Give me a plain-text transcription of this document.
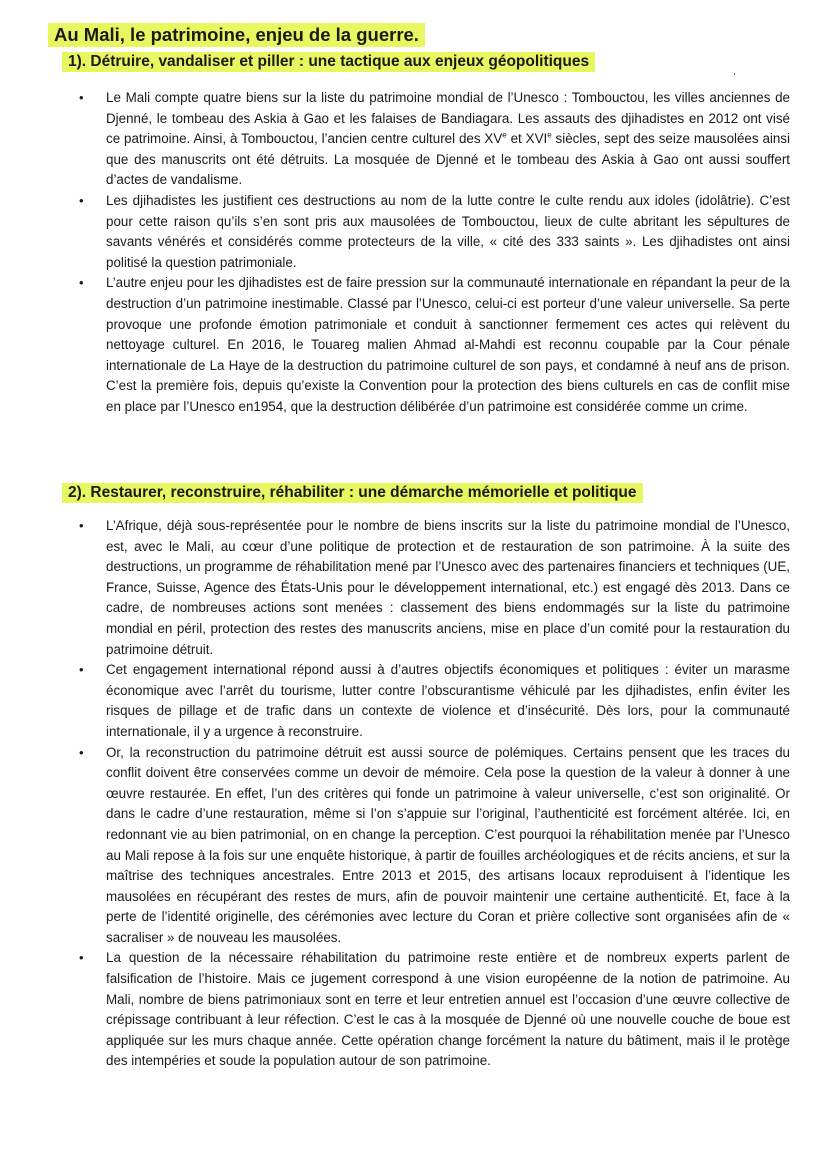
Au Mali, le patrimoine, enjeu de la guerre.
,
1). Détruire, vandaliser et piller : une tactique aux enjeux géopolitiques
• Le Mali compte quatre biens sur la liste du patrimoine mondial de l’Unesco : Tombouctou, les villes anciennes de Djenné, le tombeau des Askia à Gao et les falaises de Bandiagara. Les assauts des djihadistes en 2012 ont visé ce patrimoine. Ainsi, à Tombouctou, l’ancien centre culturel des XVe et XVIe siècles, sept des seize mausolées ainsi que des manuscrits ont été détruits. La mosquée de Djenné et le tombeau des Askia à Gao ont aussi souffert d’actes de vandalisme.
• Les djihadistes les justifient ces destructions au nom de la lutte contre le culte rendu aux idoles (idolâtrie). C’est pour cette raison qu’ils s’en sont pris aux mausolées de Tombouctou, lieux de culte abritant les sépultures de savants vénérés et considérés comme protecteurs de la ville, « cité des 333 saints ». Les djihadistes ont ainsi politisé la question patrimoniale.
• L’autre enjeu pour les djihadistes est de faire pression sur la communauté internationale en répandant la peur de la destruction d’un patrimoine inestimable. Classé par l’Unesco, celui-ci est porteur d’une valeur universelle. Sa perte provoque une profonde émotion patrimoniale et conduit à sanctionner fermement ces actes qui relèvent du nettoyage culturel. En 2016, le Touareg malien Ahmad al-Mahdi est reconnu coupable par la Cour pénale internationale de La Haye de la destruction du patrimoine culturel de son pays, et condamné à neuf ans de prison. C’est la première fois, depuis qu’existe la Convention pour la protection des biens culturels en cas de conflit mise en place par l’Unesco en1954, que la destruction délibérée d’un patrimoine est considérée comme un crime.
2). Restaurer, reconstruire, réhabiliter : une démarche mémorielle et politique
• L’Afrique, déjà sous-représentée pour le nombre de biens inscrits sur la liste du patrimoine mondial de l’Unesco, est, avec le Mali, au cœur d’une politique de protection et de restauration de son patrimoine. À la suite des destructions, un programme de réhabilitation mené par l’Unesco avec des partenaires financiers et techniques (UE, France, Suisse, Agence des États-Unis pour le développement international, etc.) est engagé dès 2013. Dans ce cadre, de nombreuses actions sont menées : classement des biens endommagés sur la liste du patrimoine mondial en péril, protection des restes des manuscrits anciens, mise en place d’un comité pour la restauration du patrimoine détruit.
• Cet engagement international répond aussi à d’autres objectifs économiques et politiques : éviter un marasme économique avec l’arrêt du tourisme, lutter contre l’obscurantisme véhiculé par les djihadistes, enfin éviter les risques de pillage et de trafic dans un contexte de violence et d’insécurité. Dès lors, pour la communauté internationale, il y a urgence à reconstruire.
• Or, la reconstruction du patrimoine détruit est aussi source de polémiques. Certains pensent que les traces du conflit doivent être conservées comme un devoir de mémoire. Cela pose la question de la valeur à donner à une œuvre restaurée. En effet, l’un des critères qui fonde un patrimoine à valeur universelle, c’est son originalité. Or dans le cadre d’une restauration, même si l’on s’appuie sur l’original, l’authenticité est forcément altérée. Ici, en redonnant vie au bien patrimonial, on en change la perception. C’est pourquoi la réhabilitation menée par l’Unesco au Mali repose à la fois sur une enquête historique, à partir de fouilles archéologiques et de récits anciens, et sur la maîtrise des techniques ancestrales. Entre 2013 et 2015, des artisans locaux reproduisent à l’identique les mausolées en récupérant des restes de murs, afin de pouvoir maintenir une certaine authenticité. Et, face à la perte de l’identité originelle, des cérémonies avec lecture du Coran et prière collective sont organisées afin de « sacraliser » de nouveau les mausolées.
• La question de la nécessaire réhabilitation du patrimoine reste entière et de nombreux experts parlent de falsification de l’histoire. Mais ce jugement correspond à une vision européenne de la notion de patrimoine. Au Mali, nombre de biens patrimoniaux sont en terre et leur entretien annuel est l’occasion d’une œuvre collective de crépissage contribuant à leur réfection. C’est le cas à la mosquée de Djenné où une nouvelle couche de boue est appliquée sur les murs chaque année. Cette opération change forcément la nature du bâtiment, mais il le protège des intempéries et soude la population autour de son patrimoine.
